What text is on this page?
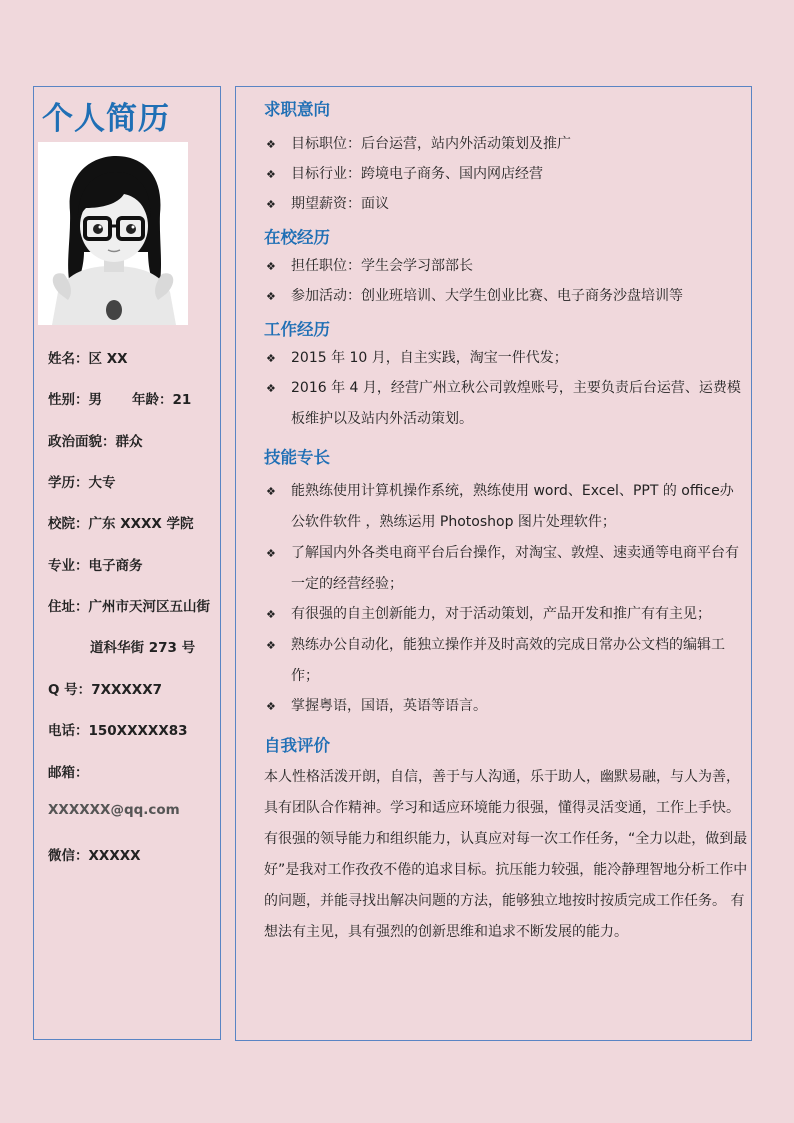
个人简历
姓名：区 XX
性别：男 年龄：21
政治面貌：群众
学历：大专
校院：广东 XXXX 学院
专业：电子商务
住址：广州市天河区五山街
道科华街 273 号
Q 号：7XXXXX7
电话：150XXXXX83
邮箱：
XXXXXX@qq.com
微信：XXXXX
求职意向
❖	目标职位：后台运营，站内外活动策划及推广
❖	目标行业：跨境电子商务、国内网店经营
❖	期望薪资：面议
在校经历
❖	担任职位：学生会学习部部长
❖	参加活动：创业班培训、大学生创业比赛、电子商务沙盘培训等
工作经历
❖	2015 年 10 月，自主实践，淘宝一件代发；
❖	2016 年 4 月，经营广州立秋公司敦煌账号，主要负责后台运营、运费模板维护以及站内外活动策划。
技能专长
❖	能熟练使用计算机操作系统，熟练使用 word、Excel、PPT 的 office办公软件软件 ，熟练运用 Photoshop 图片处理软件；
❖	了解国内外各类电商平台后台操作，对淘宝、敦煌、速卖通等电商平台有一定的经营经验；
❖	有很强的自主创新能力，对于活动策划，产品开发和推广有有主见；
❖	熟练办公自动化，能独立操作并及时高效的完成日常办公文档的编辑工作；
❖	掌握粤语，国语，英语等语言。
自我评价

本人性格活泼开朗，自信，善于与人沟通，乐于助人，幽默易融，与人为善，具有团队合作精神。学习和适应环境能力很强，懂得灵活变通，工作上手快。

有很强的领导能力和组织能力，认真应对每一次工作任务，“全力以赴，做到最好”是我对工作孜孜不倦的追求目标。抗压能力较强，能冷静理智地分析工作中的问题，并能寻找出解决问题的方法，能够独立地按时按质完成工作任务。 有想法有主见，具有强烈的创新思维和追求不断发展的能力。
